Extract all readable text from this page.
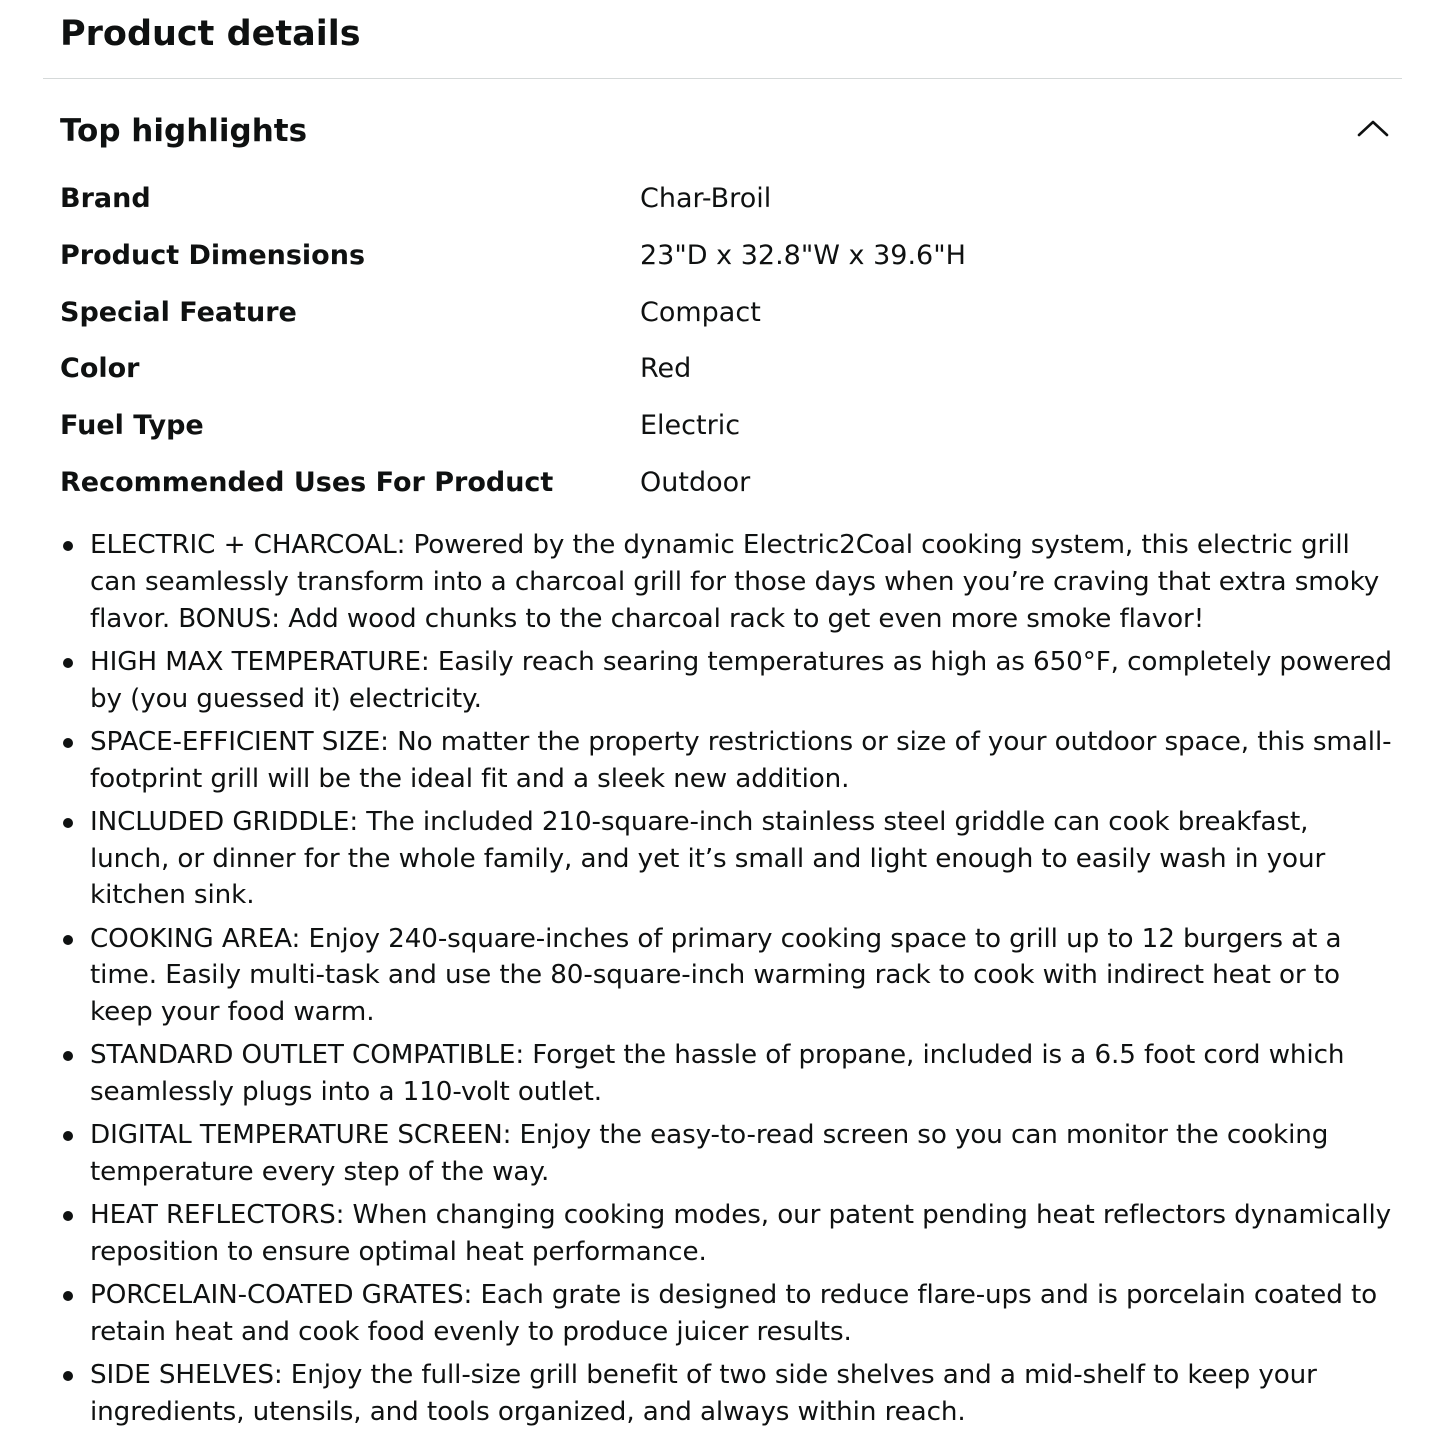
Product details
Top highlights
Brand	Char-Broil
Product Dimensions	23"D x 32.8"W x 39.6"H
Special Feature	Compact
Color	Red
Fuel Type	Electric
Recommended Uses For Product	Outdoor
ELECTRIC + CHARCOAL: Powered by the dynamic Electric2Coal cooking system, this electric grill can seamlessly transform into a charcoal grill for those days when you’re craving that extra smoky flavor. BONUS: Add wood chunks to the charcoal rack to get even more smoke flavor!
HIGH MAX TEMPERATURE: Easily reach searing temperatures as high as 650°F, completely powered by (you guessed it) electricity.
SPACE-EFFICIENT SIZE: No matter the property restrictions or size of your outdoor space, this small-footprint grill will be the ideal fit and a sleek new addition.
INCLUDED GRIDDLE: The included 210-square-inch stainless steel griddle can cook breakfast, lunch, or dinner for the whole family, and yet it’s small and light enough to easily wash in your kitchen sink.
COOKING AREA: Enjoy 240-square-inches of primary cooking space to grill up to 12 burgers at a time. Easily multi-task and use the 80-square-inch warming rack to cook with indirect heat or to keep your food warm.
STANDARD OUTLET COMPATIBLE: Forget the hassle of propane, included is a 6.5 foot cord which seamlessly plugs into a 110-volt outlet.
DIGITAL TEMPERATURE SCREEN: Enjoy the easy-to-read screen so you can monitor the cooking temperature every step of the way.
HEAT REFLECTORS: When changing cooking modes, our patent pending heat reflectors dynamically reposition to ensure optimal heat performance.
PORCELAIN-COATED GRATES: Each grate is designed to reduce flare-ups and is porcelain coated to retain heat and cook food evenly to produce juicer results.
SIDE SHELVES: Enjoy the full-size grill benefit of two side shelves and a mid-shelf to keep your ingredients, utensils, and tools organized, and always within reach.
